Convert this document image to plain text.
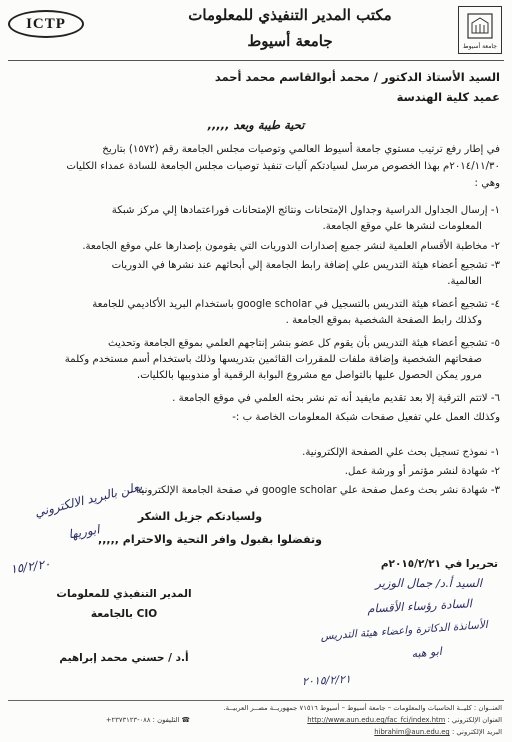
ICTP
جامعة أسيوط
مكتب المدير التنفيذي للمعلومات
جامعة أسيوط
السيد الأستاذ الدكتور / محمد أبوالقاسم محمد أحمد
عميد كلية الهندسة
تحية طيبة وبعد ,,,,,
في إطار رفع ترتيب مستوي جامعة أسيوط العالمي وتوصيات مجلس الجامعة رقم (١٥٧٢) بتاريخ
٢٠١٤/١١/٣٠م بهذا الخصوص مرسل لسيادتكم آليات تنفيذ توصيات مجلس الجامعة للسادة عمداء الكليات
وهي :
١- إرسال الجداول الدراسية وجداول الإمتحانات ونتائج الإمتحانات فوراعتمادها إلي مركز شبكة
المعلومات لنشرها علي موقع الجامعة.
٢- مخاطبة الأقسام العلمية لنشر جميع إصدارات الدوريات التي يقومون بإصدارها علي موقع الجامعة.
٣- تشجيع أعضاء هيئة التدريس علي إضافة رابط الجامعة إلي أبحاثهم عند نشرها في الدوريات
العالمية.
٤- تشجيع أعضاء هيئة التدريس بالتسجيل في google scholar باستخدام البريد الأكاديمي للجامعة
وكذلك رابط الصفحة الشخصية بموقع الجامعة .
٥- تشجيع أعضاء هيئة التدريس بأن يقوم كل عضو بنشر إنتاجهم العلمي بموقع الجامعة وتحديث
صفحاتهم الشخصية وإضافة ملفات للمقررات القائمين بتدريسها وذلك باستخدام أسم مستخدم وكلمة
مرور يمكن الحصول عليها بالتواصل مع مشروع البوابة الرقمية أو مندوبيها بالكليات.
٦- لاتتم الترقية إلا بعد تقديم مايفيد أنه تم نشر بحثه العلمي في موقع الجامعة .
وكذلك العمل علي تفعيل صفحات شبكة المعلومات الخاصة ب :-
١- نموذج تسجيل بحث علي الصفحة الإلكترونية.
٢- شهادة لنشر مؤتمر أو ورشة عمل.
٣- شهادة نشر بحث وعمل صفحة علي google scholar في صفحة الجامعة الإلكترونية .
ولسيادتكم جزيل الشكر
وتفضلوا بقبول وافر التحية والاحترام ,,,,,
تحريرا في ٢٠١٥/٢/٢١م
المدير التنفيذي للمعلومات
CIO بالجامعة
أ.د / حسني محمد إبراهيم
يعلن بالبريد الالكتروني
ابوريها
١٥/٢/٢٠
السيد أ.د/ جمال الوزير
السادة رؤساء الأقسام
الأسانذة الدكاترة واعضاء هيئة التدريس
ابو هبه
٢٠١٥/٢/٢١
العنــوان : كليــة الحاسبات والمعلومات – جامعة أسيوط – أسيوط ٧١٥١٦ جمهوريــة مصــر العربيــة.
العنوان الإلكتروني : http://www.aun.edu.eg/fac_fci/index.htm
☎ التليفون : ٠٨٨-٢٣٧٣١٢٣+
البريد الإلكتروني : hibrahim@aun.edu.eg
